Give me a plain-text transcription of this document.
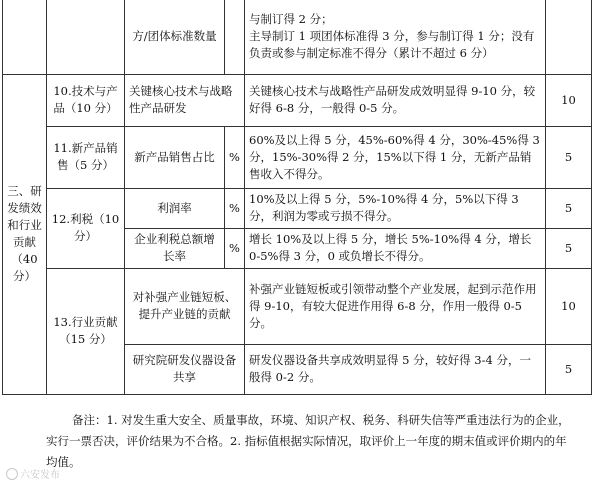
		方/团体标准数量		与制订得 2 分；
主导制订 1 项团体标准得 3 分，参与制订得 1 分；没有负责或参与制定标准不得分（累计不超过 6 分）	
三、研发绩效和行业贡献（40 分）	10.技术与产品（10 分）	关键核心技术与战略性产品研发		关键核心技术与战略性产品研发成效明显得 9-10 分，较好得 6-8 分，一般得 0-5 分。	10
	11.新产品销售（5 分）	新产品销售占比	%	60%及以上得 5 分，45%-60%得 4 分，30%-45%得 3 分，15%-30%得 2 分，15%以下得 1 分，无新产品销售收入不得分。	5
	12.利税（10 分）	利润率	%	10%及以上得 5 分，5%-10%得 4 分，5%以下得 3 分，利润为零或亏损不得分。	5
		企业利税总额增长率	%	增长 10%及以上得 5 分，增长 5%-10%得 4 分，增长 0-5%得 3 分，0 或负增长不得分。	5
	13.行业贡献（15 分）	对补强产业链短板、提升产业链的贡献		补强产业链短板或引领带动整个产业发展，起到示范作用得 9-10，有较大促进作用得 6-8 分，作用一般得 0-5 分。	10
		研究院研发仪器设备共享		研发仪器设备共享成效明显得 5 分，较好得 3-4 分，一般得 0-2 分。	5

备注：1. 对发生重大安全、质量事故，环境、知识产权、税务、科研失信等严重违法行为的企业，实行一票否决，评价结果为不合格。2. 指标值根据实际情况，取评价上一年度的期末值或评价期内的年均值。

六安发布
